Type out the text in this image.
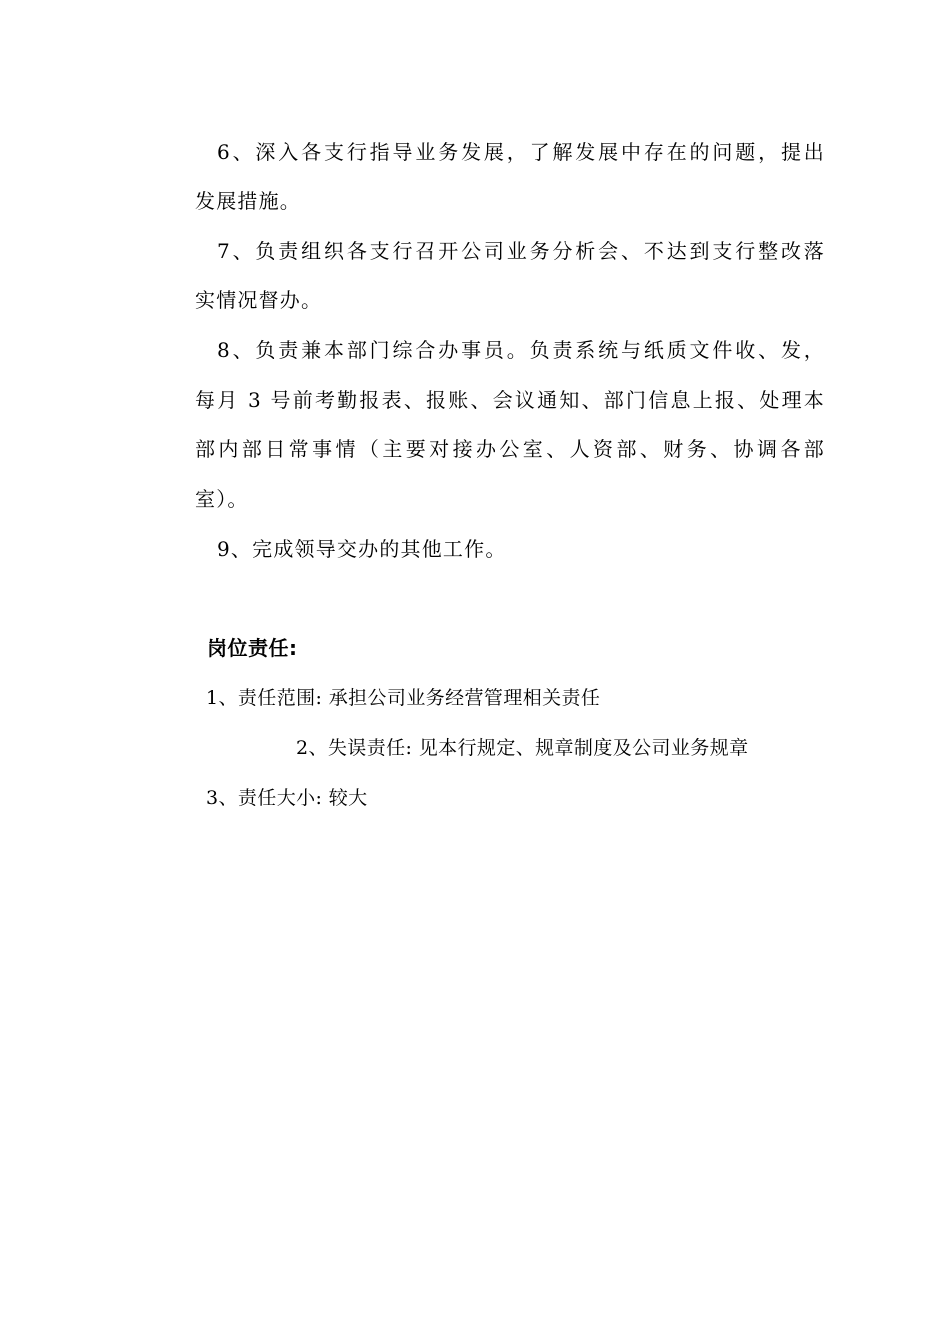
6、深入各支行指导业务发展，了解发展中存在的问题，提出
发展措施。
7、负责组织各支行召开公司业务分析会、不达到支行整改落
实情况督办。
8、负责兼本部门综合办事员。负责系统与纸质文件收、发，
每月 3 号前考勤报表、报账、会议通知、部门信息上报、处理本
部内部日常事情（主要对接办公室、人资部、财务、协调各部
室）。
9、完成领导交办的其他工作。
岗位责任:
1、责任范围: 承担公司业务经营管理相关责任
2、失误责任: 见本行规定、规章制度及公司业务规章
3、责任大小: 较大
